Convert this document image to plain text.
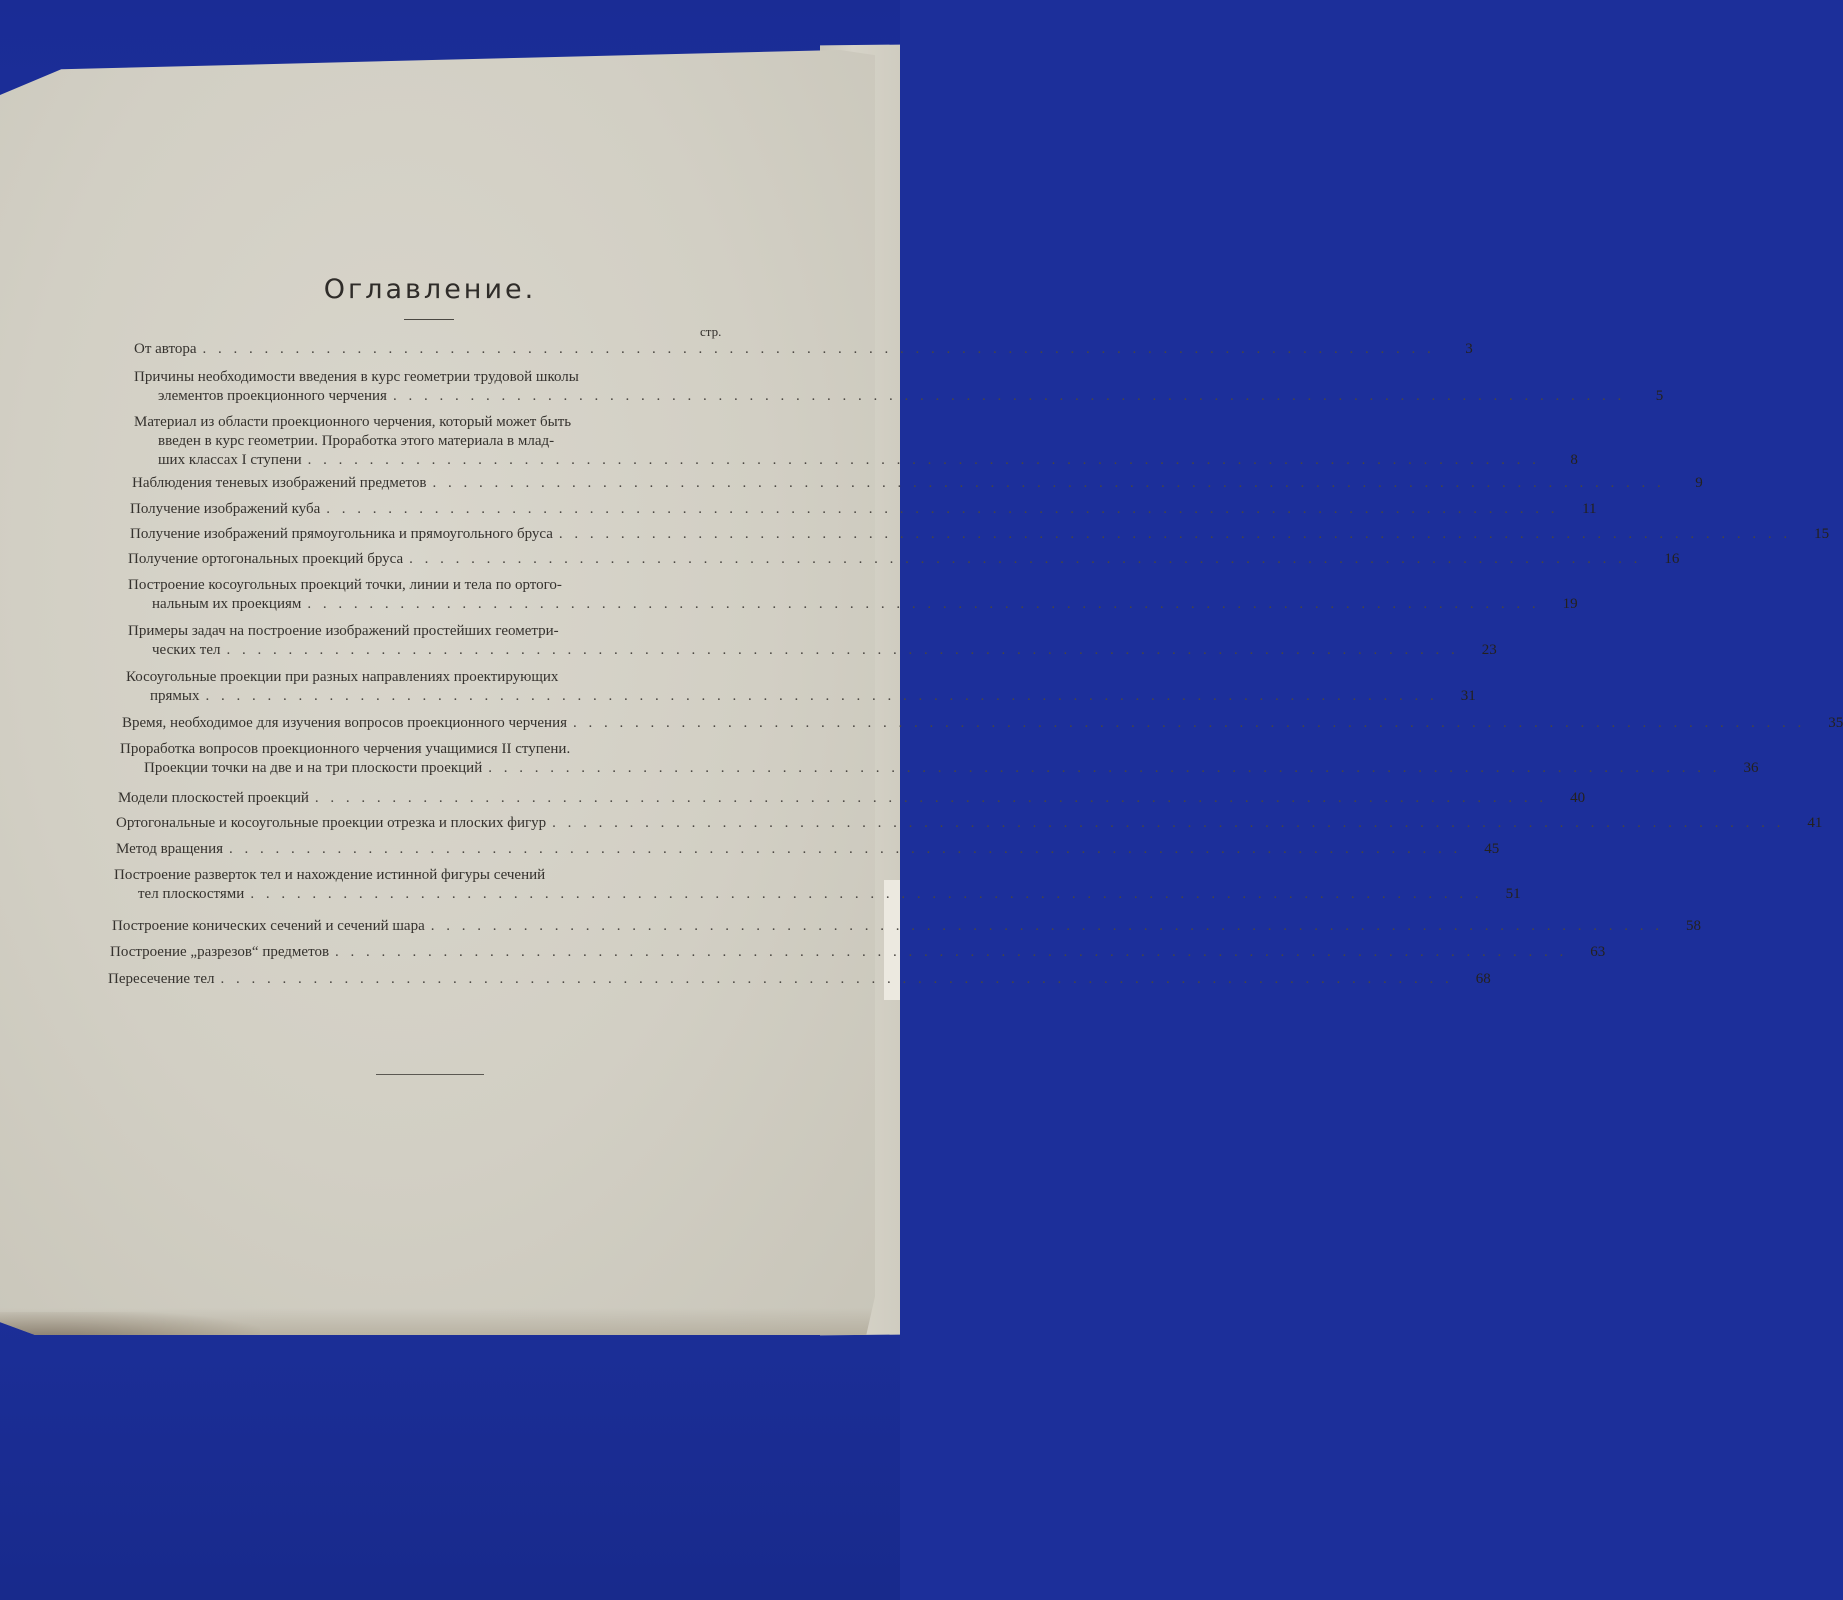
Оглавление.
стр.
От автора . . . . . . . . . . . . . . . . . . . . . . . . . . . . . . . . . . . . . . . . . . . . . . . . . . . . . . . . . . . . . . . . . . . . . . . . . . . . . . . .	3
Причины необходимости введения в курс геометрии трудовой школы
элементов проекционного черчения . . . . . . . . . . . . . . . . . . . . . . . . . . . . . . . . . . . . . . . . . . . . . . . . . . . . . . . . . . . . . . . . . . . . . . . . . . . . . . . .	5
Материал из области проекционного черчения, который может быть
введен в курс геометрии. Проработка этого материала в млад-
ших классах I ступени . . . . . . . . . . . . . . . . . . . . . . . . . . . . . . . . . . . . . . . . . . . . . . . . . . . . . . . . . . . . . . . . . . . . . . . . . . . . . . . .	8
Наблюдения теневых изображений предметов . . . . . . . . . . . . . . . . . . . . . . . . . . . . . . . . . . . . . . . . . . . . . . . . . . . . . . . . . . . . . . . . . . . . . . . . . . . . . . . .	9
Получение изображений куба . . . . . . . . . . . . . . . . . . . . . . . . . . . . . . . . . . . . . . . . . . . . . . . . . . . . . . . . . . . . . . . . . . . . . . . . . . . . . . . .	11
Получение изображений прямоугольника и прямоугольного бруса . . . . . . . . . . . . . . . . . . . . . . . . . . . . . . . . . . . . . . . . . . . . . . . . . . . . . . . . . . . . . . . . . . . . . . . . . . . . . . . .	15
Получение ортогональных проекций бруса . . . . . . . . . . . . . . . . . . . . . . . . . . . . . . . . . . . . . . . . . . . . . . . . . . . . . . . . . . . . . . . . . . . . . . . . . . . . . . . .	16
Построение косоугольных проекций точки, линии и тела по ортого-
нальным их проекциям . . . . . . . . . . . . . . . . . . . . . . . . . . . . . . . . . . . . . . . . . . . . . . . . . . . . . . . . . . . . . . . . . . . . . . . . . . . . . . . .	19
Примеры задач на построение изображений простейших геометри-
ческих тел . . . . . . . . . . . . . . . . . . . . . . . . . . . . . . . . . . . . . . . . . . . . . . . . . . . . . . . . . . . . . . . . . . . . . . . . . . . . . . . .	23
Косоугольные проекции при разных направлениях проектирующих
прямых . . . . . . . . . . . . . . . . . . . . . . . . . . . . . . . . . . . . . . . . . . . . . . . . . . . . . . . . . . . . . . . . . . . . . . . . . . . . . . . .	31
Время, необходимое для изучения вопросов проекционного черчения . . . . . . . . . . . . . . . . . . . . . . . . . . . . . . . . . . . . . . . . . . . . . . . . . . . . . . . . . . . . . . . . . . . . . . . . . . . . . . . .	35
Проработка вопросов проекционного черчения учащимися II ступени.
Проекции точки на две и на три плоскости проекций . . . . . . . . . . . . . . . . . . . . . . . . . . . . . . . . . . . . . . . . . . . . . . . . . . . . . . . . . . . . . . . . . . . . . . . . . . . . . . . .	36
Модели плоскостей проекций . . . . . . . . . . . . . . . . . . . . . . . . . . . . . . . . . . . . . . . . . . . . . . . . . . . . . . . . . . . . . . . . . . . . . . . . . . . . . . . .	40
Ортогональные и косоугольные проекции отрезка и плоских фигур . . . . . . . . . . . . . . . . . . . . . . . . . . . . . . . . . . . . . . . . . . . . . . . . . . . . . . . . . . . . . . . . . . . . . . . . . . . . . . . .	41
Метод вращения . . . . . . . . . . . . . . . . . . . . . . . . . . . . . . . . . . . . . . . . . . . . . . . . . . . . . . . . . . . . . . . . . . . . . . . . . . . . . . . .	45
Построение разверток тел и нахождение истинной фигуры сечений
тел плоскостями . . . . . . . . . . . . . . . . . . . . . . . . . . . . . . . . . . . . . . . . . . . . . . . . . . . . . . . . . . . . . . . . . . . . . . . . . . . . . . . .	51
Построение конических сечений и сечений шара . . . . . . . . . . . . . . . . . . . . . . . . . . . . . . . . . . . . . . . . . . . . . . . . . . . . . . . . . . . . . . . . . . . . . . . . . . . . . . . .	58
Построение „разрезов“ предметов . . . . . . . . . . . . . . . . . . . . . . . . . . . . . . . . . . . . . . . . . . . . . . . . . . . . . . . . . . . . . . . . . . . . . . . . . . . . . . . .	63
Пересечение тел . . . . . . . . . . . . . . . . . . . . . . . . . . . . . . . . . . . . . . . . . . . . . . . . . . . . . . . . . . . . . . . . . . . . . . . . . . . . . . . .	68
